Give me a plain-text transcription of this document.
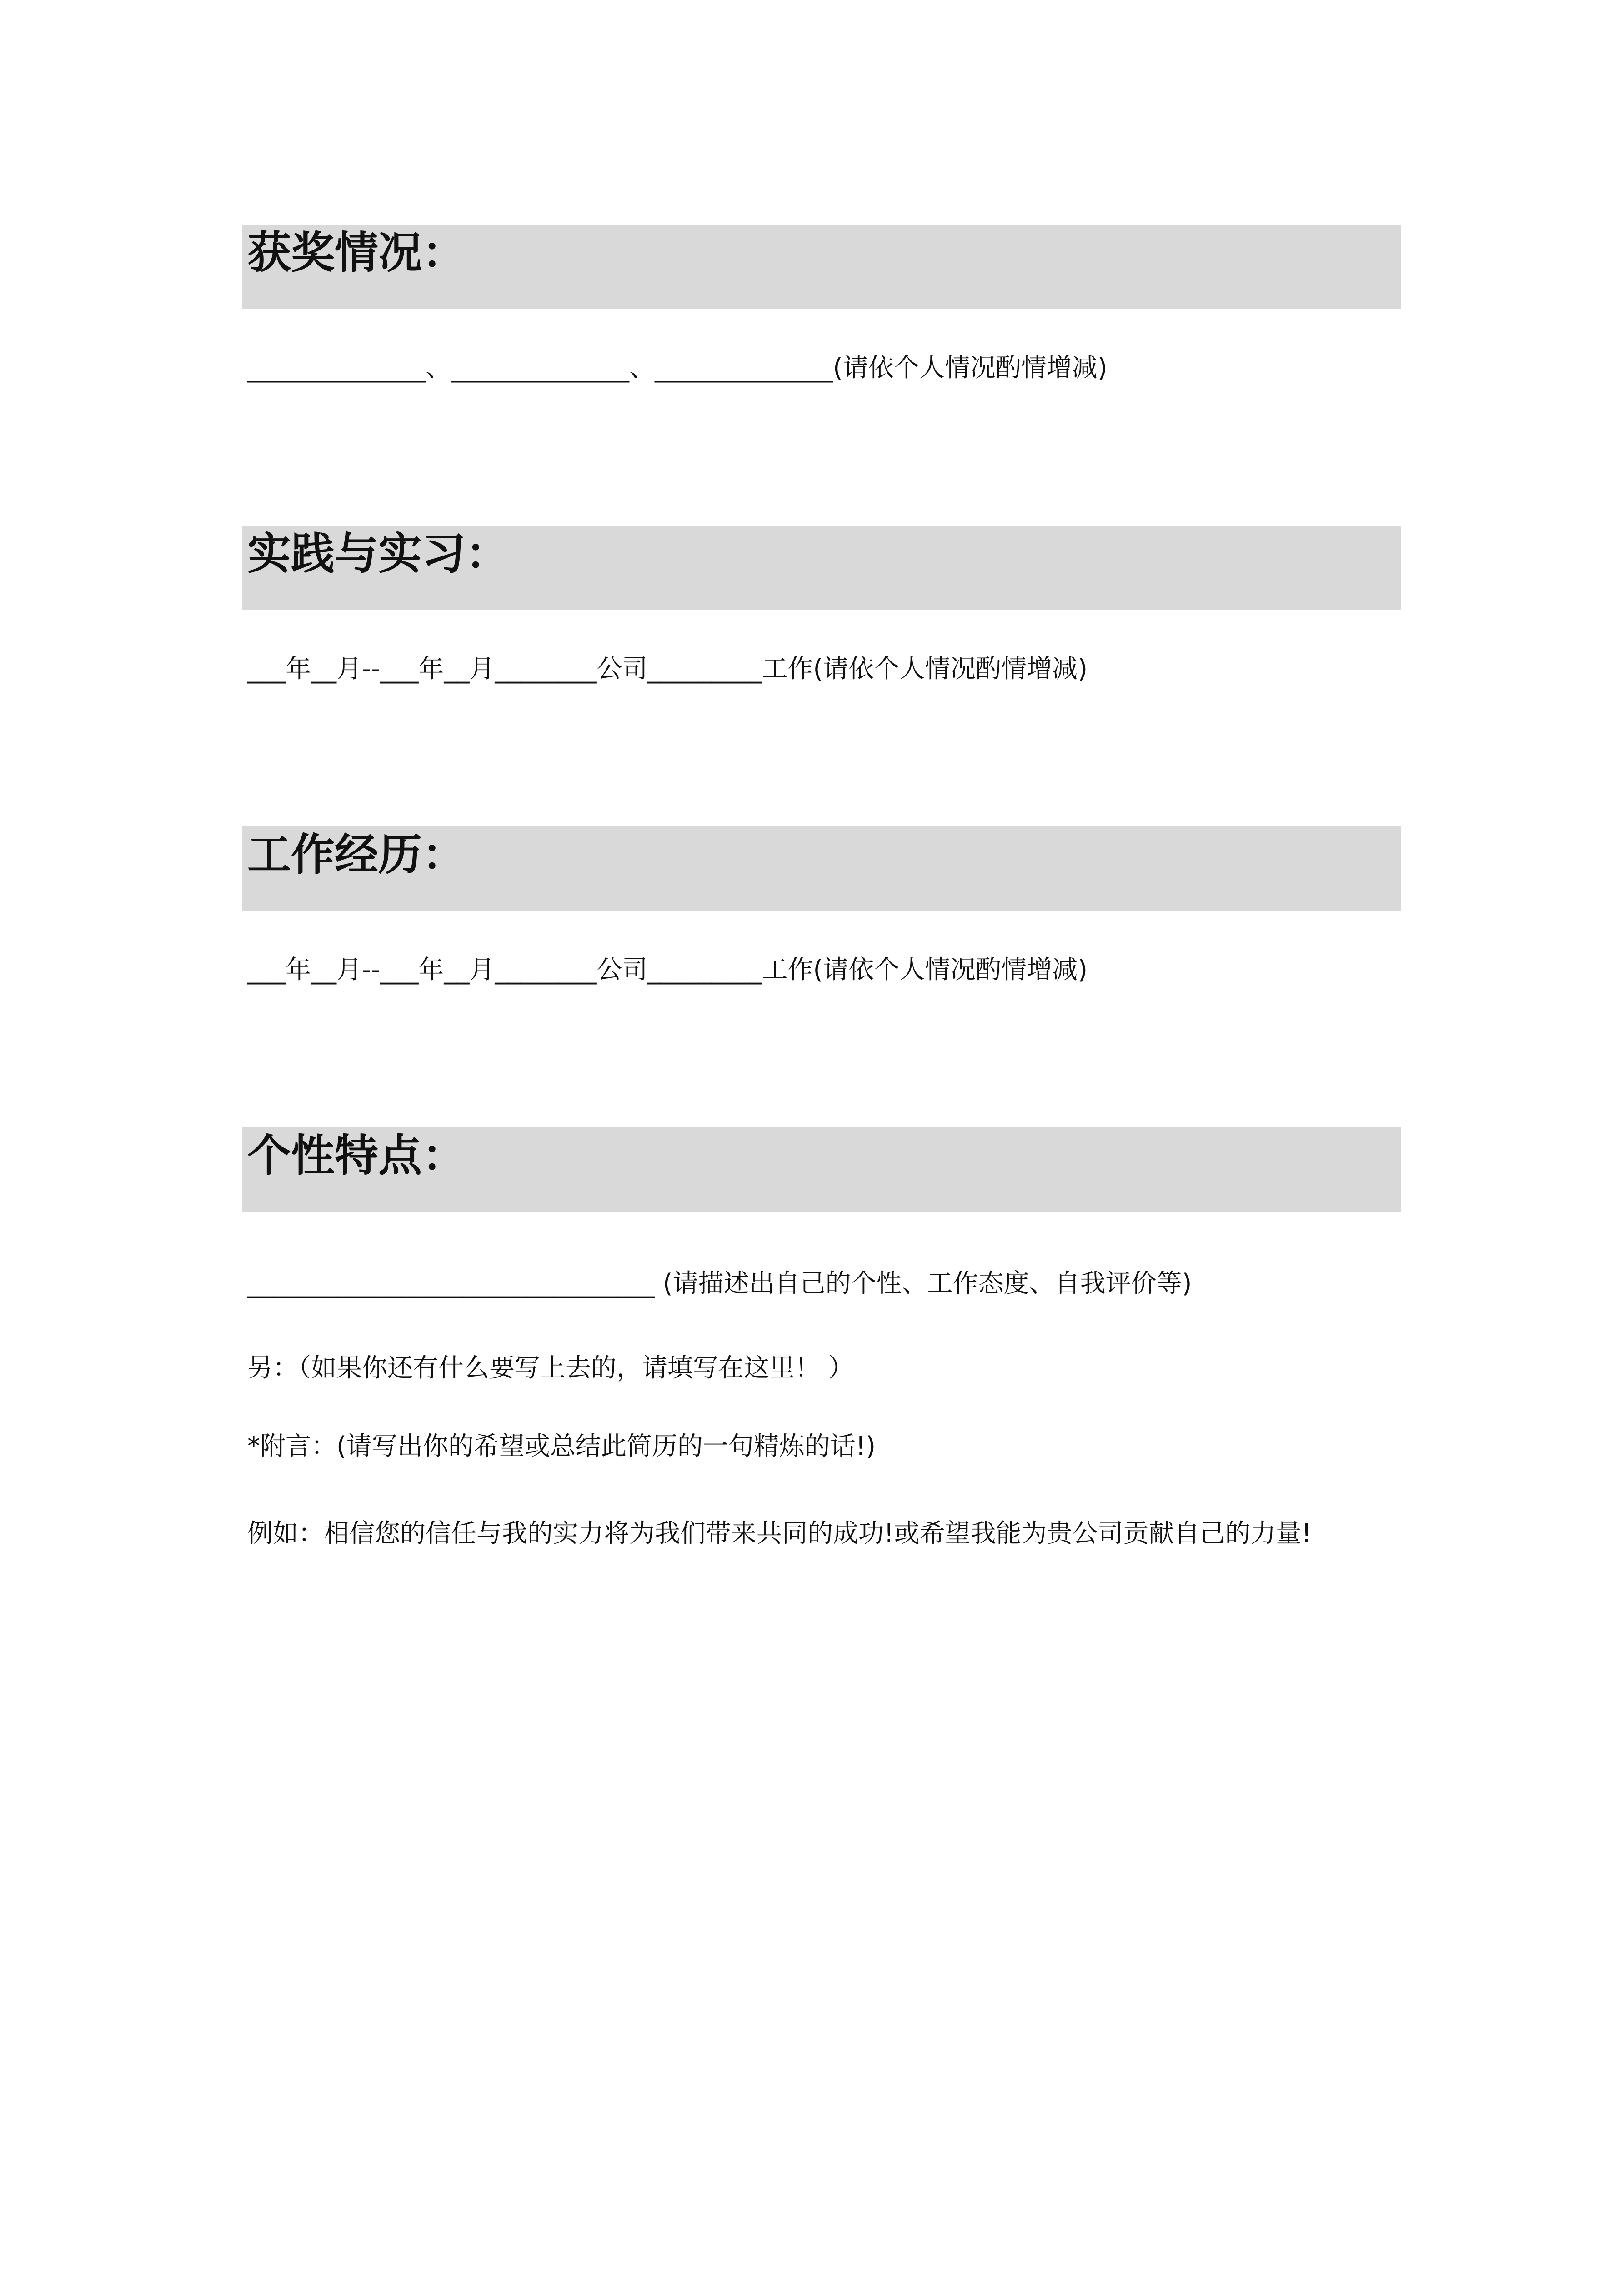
获奖情况：
______________、______________、______________(请依个人情况酌情增减)
实践与实习：
___年__月--___年__月________公司_________工作(请依个人情况酌情增减)
工作经历：
___年__月--___年__月________公司_________工作(请依个人情况酌情增减)
个性特点：
________________________________ (请描述出自己的个性、工作态度、自我评价等)
另：（如果你还有什么要写上去的，请填写在这里！ ）
*附言：(请写出你的希望或总结此简历的一句精炼的话!)
例如：相信您的信任与我的实力将为我们带来共同的成功!或希望我能为贵公司贡献自己的力量!
